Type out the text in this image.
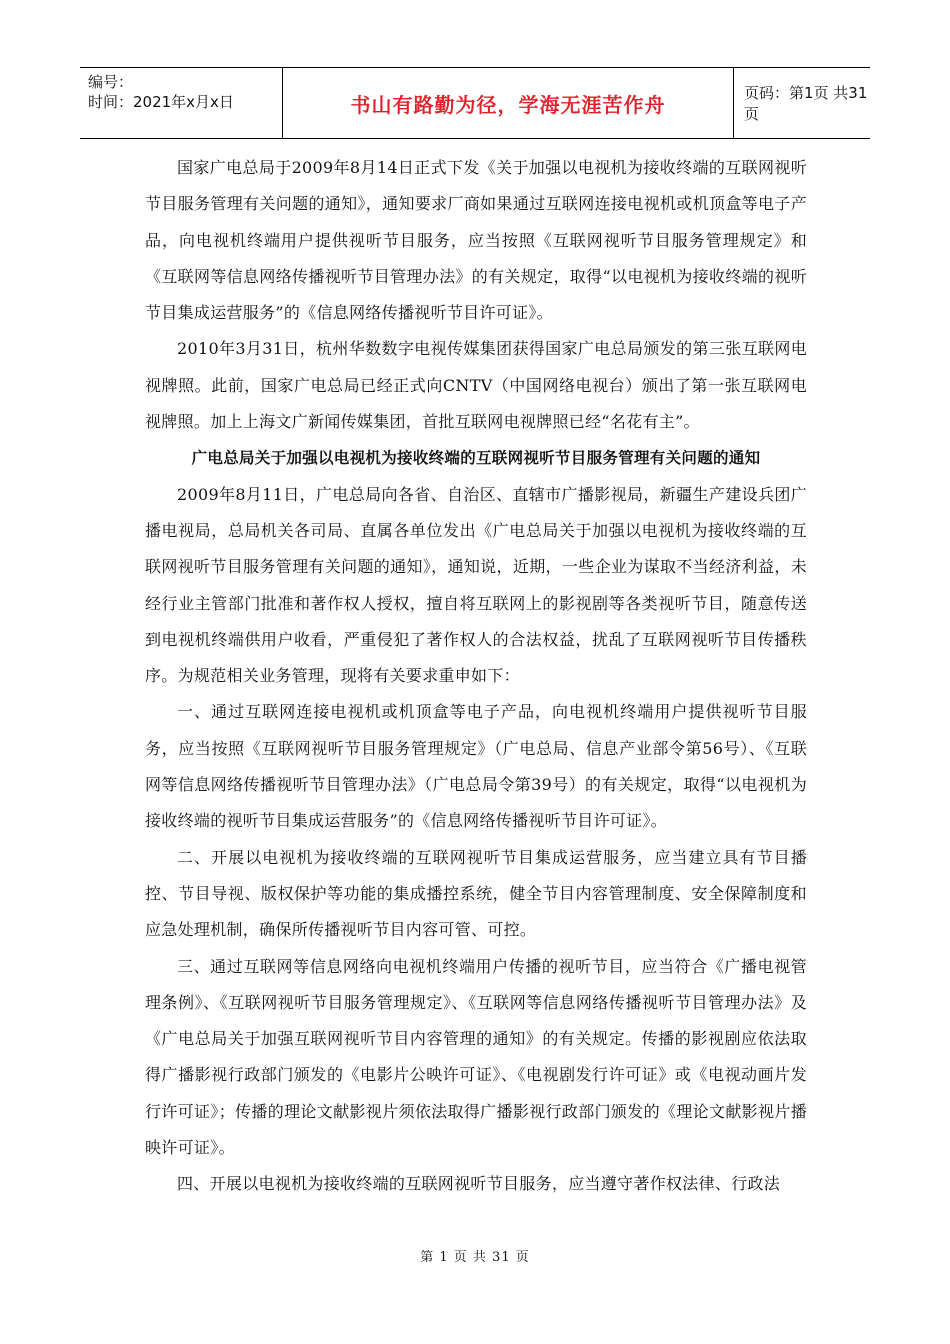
编号：
时间：2021年x月x日	书山有路勤为径，学海无涯苦作舟	页码：第1页 共31页

国家广电总局于2009年8月14日正式下发《关于加强以电视机为接收终端的互联网视听节目服务管理有关问题的通知》，通知要求厂商如果通过互联网连接电视机或机顶盒等电子产品，向电视机终端用户提供视听节目服务，应当按照《互联网视听节目服务管理规定》和《互联网等信息网络传播视听节目管理办法》的有关规定，取得“以电视机为接收终端的视听节目集成运营服务”的《信息网络传播视听节目许可证》。

2010年3月31日，杭州华数数字电视传媒集团获得国家广电总局颁发的第三张互联网电视牌照。此前，国家广电总局已经正式向CNTV（中国网络电视台）颁出了第一张互联网电视牌照。加上上海文广新闻传媒集团，首批互联网电视牌照已经“名花有主”。

广电总局关于加强以电视机为接收终端的互联网视听节目服务管理有关问题的通知

2009年8月11日，广电总局向各省、自治区、直辖市广播影视局，新疆生产建设兵团广播电视局，总局机关各司局、直属各单位发出《广电总局关于加强以电视机为接收终端的互联网视听节目服务管理有关问题的通知》，通知说，近期，一些企业为谋取不当经济利益，未经行业主管部门批准和著作权人授权，擅自将互联网上的影视剧等各类视听节目，随意传送到电视机终端供用户收看，严重侵犯了著作权人的合法权益，扰乱了互联网视听节目传播秩序。为规范相关业务管理，现将有关要求重申如下：

一、通过互联网连接电视机或机顶盒等电子产品，向电视机终端用户提供视听节目服务，应当按照《互联网视听节目服务管理规定》（广电总局、信息产业部令第56号）、《互联网等信息网络传播视听节目管理办法》（广电总局令第39号）的有关规定，取得“以电视机为接收终端的视听节目集成运营服务”的《信息网络传播视听节目许可证》。

二、开展以电视机为接收终端的互联网视听节目集成运营服务，应当建立具有节目播控、节目导视、版权保护等功能的集成播控系统，健全节目内容管理制度、安全保障制度和应急处理机制，确保所传播视听节目内容可管、可控。

三、通过互联网等信息网络向电视机终端用户传播的视听节目，应当符合《广播电视管理条例》、《互联网视听节目服务管理规定》、《互联网等信息网络传播视听节目管理办法》及《广电总局关于加强互联网视听节目内容管理的通知》的有关规定。传播的影视剧应依法取得广播影视行政部门颁发的《电影片公映许可证》、《电视剧发行许可证》或《电视动画片发行许可证》；传播的理论文献影视片须依法取得广播影视行政部门颁发的《理论文献影视片播映许可证》。

四、开展以电视机为接收终端的互联网视听节目服务，应当遵守著作权法律、行政法

第 1 页 共 31 页
